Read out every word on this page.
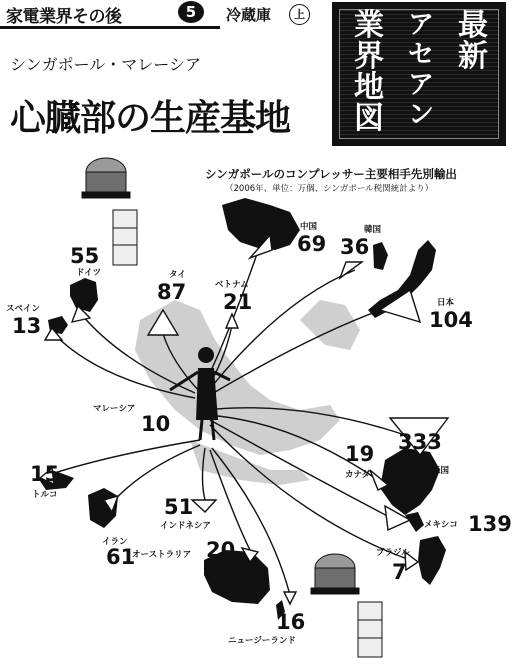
家電業界その後	5	冷蔵庫	上
シンガポール・マレーシア
心臓部の生産基地
最
新
ア
セ
ア
ン
業
界
地
図
シンガポールのコンプレッサー主要相手先別輸出
（2006年、単位：万個、シンガポール税関統計より）
中国
69
韓国
36
日本
104
ベトナム
21
タイ
87
55
ドイツ
スペイン
13
マレーシア
10
333
米国
19
カナダ
メキシコ 139
ブラジル
7
15
トルコ
イラン
61
51
インドネシア
オーストラリア 20
16
ニュージーランド
